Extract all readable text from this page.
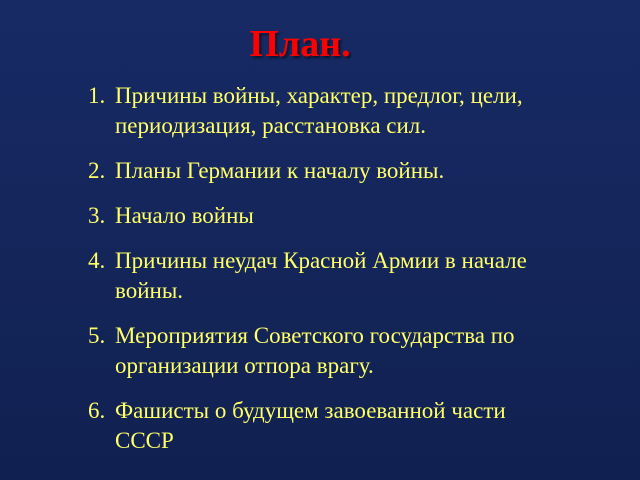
План.
1. Причины войны, характер, предлог, цели,
периодизация, расстановка сил.
2. Планы Германии к началу войны.
3. Начало войны
4. Причины неудач Красной Армии в начале
войны.
5. Мероприятия Советского государства по
организации отпора врагу.
6. Фашисты о будущем завоеванной части
СССР
